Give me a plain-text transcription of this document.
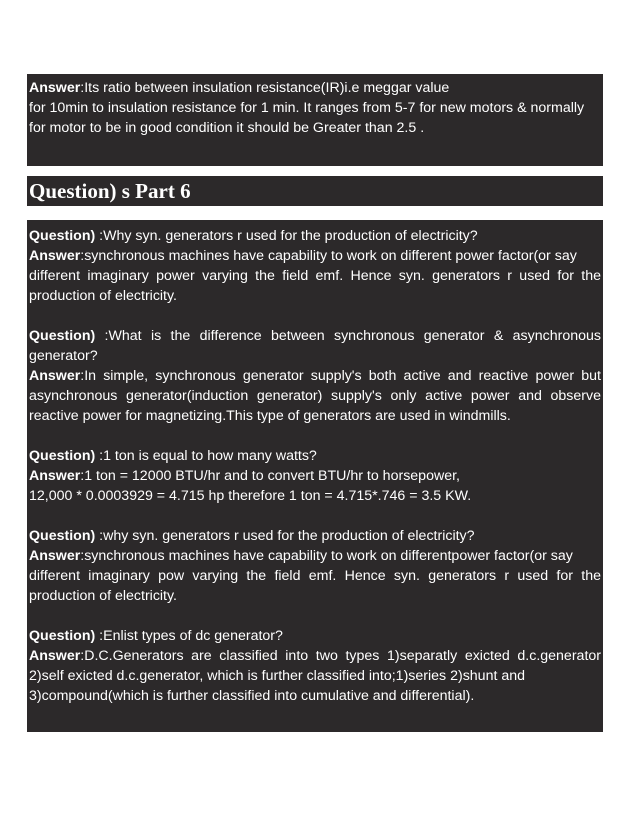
Answer:Its ratio between insulation resistance(IR)i.e meggar value
for 10min to insulation resistance for 1 min. It ranges from 5-7 for new motors & normally
for motor to be in good condition it should be Greater than 2.5 .
Question) s Part 6
Question) :Why syn. generators r used for the production of electricity?
Answer:synchronous machines have capability to work on different power factor(or say
different imaginary power varying the field emf. Hence syn. generators r used for the
production of electricity.
Question) :What is the difference between synchronous generator & asynchronous
generator?
Answer:In simple, synchronous generator supply's both active and reactive power but
asynchronous generator(induction generator) supply's only active power and observe
reactive power for magnetizing.This type of generators are used in windmills.
Question) :1 ton is equal to how many watts?
Answer:1 ton = 12000 BTU/hr and to convert BTU/hr to horsepower,
12,000 * 0.0003929 = 4.715 hp therefore 1 ton = 4.715*.746 = 3.5 KW.
Question) :why syn. generators r used for the production of electricity?
Answer:synchronous machines have capability to work on differentpower factor(or say
different imaginary pow varying the field emf. Hence syn. generators r used for the
production of electricity.
Question) :Enlist types of dc generator?
Answer:D.C.Generators are classified into two types 1)separatly exicted d.c.generator
2)self exicted d.c.generator, which is further classified into;1)series 2)shunt and
3)compound(which is further classified into cumulative and differential).
